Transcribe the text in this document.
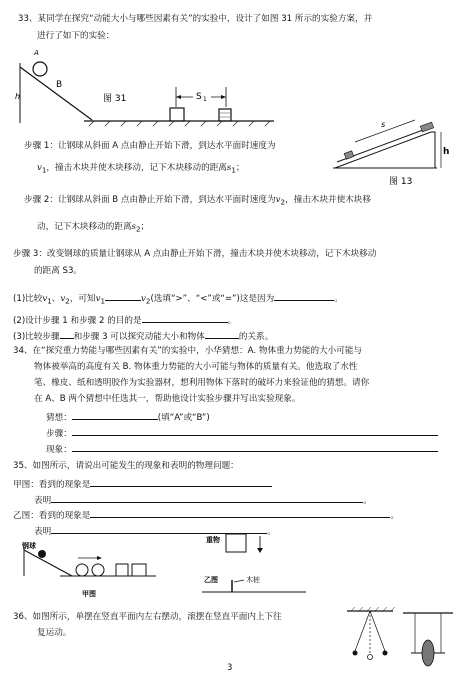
33、某同学在探究“动能大小与哪些因素有关”的实验中，设计了如图 31 所示的实验方案，并
进行了如下的实验：
A
B
h	图 31	S 1
s
h
图 13
步骤 1：让钢球从斜面 A 点由静止开始下滑，到达水平面时速度为
$v_1$，撞击木块并使木块移动，记下木块移动的距离$s_1$；
步骤 2：让钢球从斜面 B 点由静止开始下滑，到达水平面时速度为$v_2$，撞击木块并使木块移
动，记下木块移动的距离$s_2$；
步骤 3：改变钢球的质量让钢球从 A 点由静止开始下滑，撞击木块并使木块移动，记下木块移动
的距离 S3。
(1)比较$v_1$、$v_2$，可知$v_1$	$v_2$(选填“>”、“<”或“=”)这是因为	。
(2)设计步骤 1 和步骤 2 的目的是	。
(3)比较步骤 和步骤 3 可以探究动能大小和物体	的关系。
34、在“探究重力势能与哪些因素有关”的实验中，小华猜想：A. 物体重力势能的大小可能与
物体被举高的高度有关 B. 物体重力势能的大小可能与物体的质量有关。他选取了水性
笔、橡皮、纸和透明胶作为实验器材，想利用物体下落时的破坏力来验证他的猜想。请你
在 A、B 两个猜想中任选其一，帮助他设计实验步骤并写出实验现象。
猜想：	(填“A”或“B”)
步骤：
现象：
35、如图所示，请说出可能发生的现象和表明的物理问题：
甲图：看到的现象是
表明	。
乙图：看到的现象是	。
表明	。
钢球
甲图
重物
乙图	木桩
36、如图所示，单摆在竖直平面内左右摆动，滚摆在竖直平面内上下往
复运动。
3
